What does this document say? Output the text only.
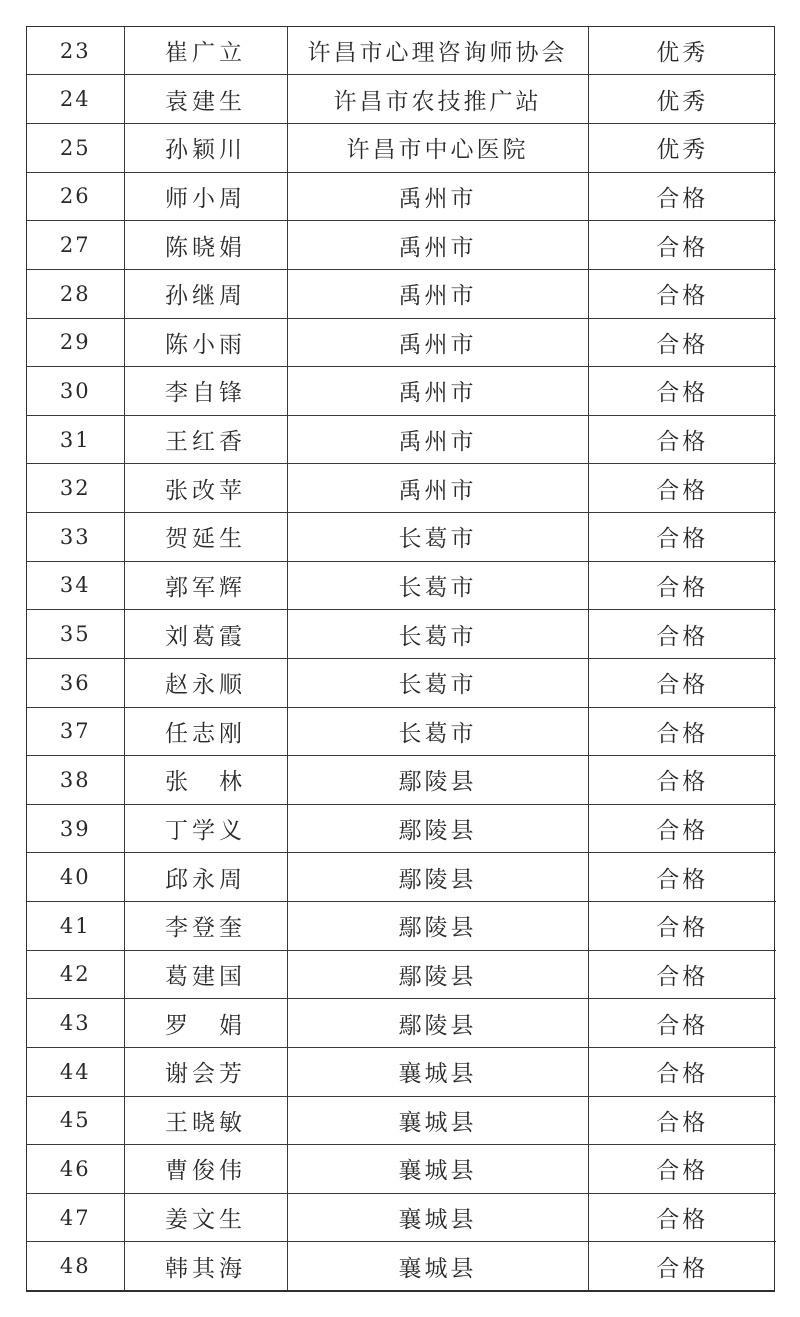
23	崔广立	许昌市心理咨询师协会	优秀
24	袁建生	许昌市农技推广站	优秀
25	孙颖川	许昌市中心医院	优秀
26	师小周	禹州市	合格
27	陈晓娟	禹州市	合格
28	孙继周	禹州市	合格
29	陈小雨	禹州市	合格
30	李自锋	禹州市	合格
31	王红香	禹州市	合格
32	张改苹	禹州市	合格
33	贺延生	长葛市	合格
34	郭军辉	长葛市	合格
35	刘葛霞	长葛市	合格
36	赵永顺	长葛市	合格
37	任志刚	长葛市	合格
38	张　林	鄢陵县	合格
39	丁学义	鄢陵县	合格
40	邱永周	鄢陵县	合格
41	李登奎	鄢陵县	合格
42	葛建国	鄢陵县	合格
43	罗　娟	鄢陵县	合格
44	谢会芳	襄城县	合格
45	王晓敏	襄城县	合格
46	曹俊伟	襄城县	合格
47	姜文生	襄城县	合格
48	韩其海	襄城县	合格
